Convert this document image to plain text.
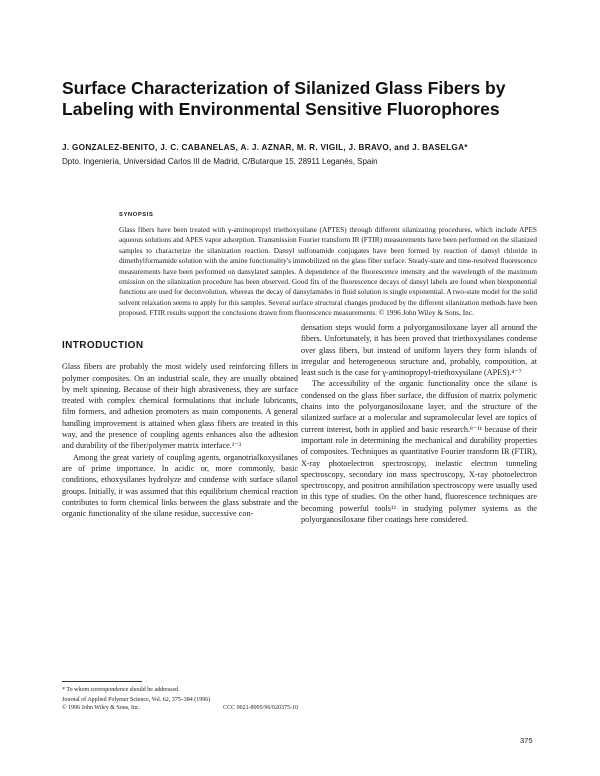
Surface Characterization of Silanized Glass Fibers by Labeling with Environmental Sensitive Fluorophores
J. GONZALEZ-BENITO, J. C. CABANELAS, A. J. AZNAR, M. R. VIGIL, J. BRAVO, and J. BASELGA*
Dpto. Ingeniería, Universidad Carlos III de Madrid, C/Butarque 15, 28911 Leganés, Spain
SYNOPSIS
Glass fibers have been treated with γ-aminopropyl triethoxysilane (APTES) through different silanizating procedures, which include APES aqueous solutions and APES vapor adsorption. Transmission Fourier transform IR (FTIR) measurements have been performed on the silanized samples to characterize the silanization reaction. Dansyl sulfonamide conjugates have been formed by reaction of dansyl chloride in dimethylformamide solution with the amine functionality's immobilized on the glass fiber surface. Steady-state and time-resolved fluorescence measurements have been performed on dansylated samples. A dependence of the fluorescence intensity and the wavelength of the maximum emission on the silanization procedure has been observed. Good fits of the fluorescence decays of dansyl labels are found when biexponential functions are used for deconvolution, whereas the decay of dansylamides in fluid solution is single exponential. A two-state model for the solid solvent relaxation seems to apply for this samples. Several surface structural changes produced by the different silanization methods have been proposed. FTIR results support the conclusions drawn from fluorescence measurements. © 1996 John Wiley & Sons, Inc.
INTRODUCTION

Glass fibers are probably the most widely used reinforcing fillers in polymer composites. On an industrial scale, they are usually obtained by melt spinning. Because of their high abrasiveness, they are surface treated with complex chemical formulations that include lubricants, film formers, and adhesion promoters as main components. A general handling improvement is attained when glass fibers are treated in this way, and the presence of coupling agents enhances also the adhesion and durability of the fiber/polymer matrix interface.¹⁻³

Among the great variety of coupling agents, organotrialkoxysilanes are of prime importance. In acidic or, more commonly, basic conditions, ethoxysilanes hydrolyze and condense with surface silanol groups. Initially, it was assumed that this equilibrium chemical reaction contributes to form chemical links between the glass substrate and the organic functionality of the silane residue, successive con-

densation steps would form a polyorganosiloxane layer all around the fibers. Unfortunately, it has been proved that triethoxysilanes condense over glass fibers, but instead of uniform layers they form islands of irregular and heterogeneous structure and, probably, composition, at least such is the case for γ-aminopropyl-triethoxysilane (APES).⁴⁻⁷

The accessibility of the organic functionality once the silane is condensed on the glass fiber surface, the diffusion of matrix polymeric chains into the polyorganosiloxane layer, and the structure of the silanized surface at a molecular and supramolecular level are topics of current interest, both in applied and basic research.⁸⁻¹¹ because of their important role in determining the mechanical and durability properties of composites. Techniques as quantitative Fourier transform IR (FTIR), X-ray photoelectron spectroscopy, inelastic electron tunneling spectroscopy, secondary ion mass spectroscopy, X-ray photoelectron spectroscopy, and positron annihilation spectroscopy were usually used in this type of studies. On the other hand, fluorescence techniques are becoming powerful tools¹² in studying polymer systems as the polyorganosiloxane fiber coatings here considered.

* To whom correspondence should be addressed.
Journal of Applied Polymer Science, Vol. 62, 375–384 (1996)
© 1996 John Wiley & Sons, Inc.	CCC 0021-8995/96/020375-10
375
